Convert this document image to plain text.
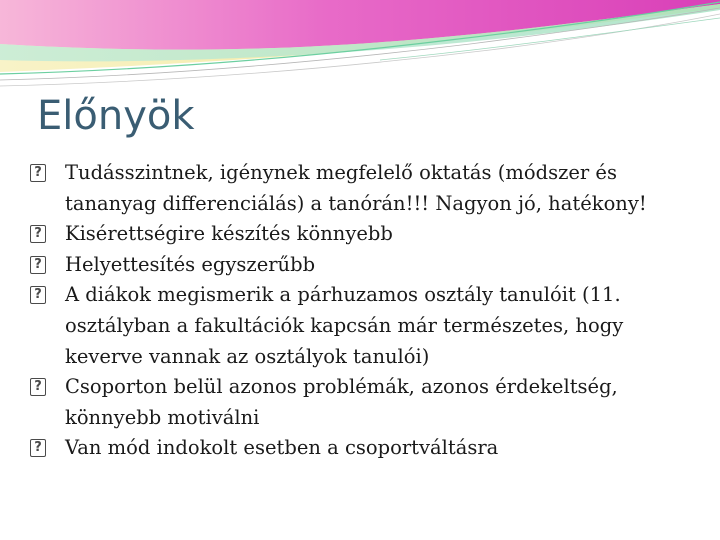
Előnyök
? Tudásszintnek, igénynek megfelelő oktatás (módszer és tananyag differenciálás) a tanórán!!! Nagyon jó, hatékony!
? Kisérettségire készítés könnyebb
? Helyettesítés egyszerűbb
? A diákok megismerik a párhuzamos osztály tanulóit (11. osztályban a fakultációk kapcsán már természetes, hogy keverve vannak az osztályok tanulói)
? Csoporton belül azonos problémák, azonos érdekeltség, könnyebb motiválni
? Van mód indokolt esetben a csoportváltásra
